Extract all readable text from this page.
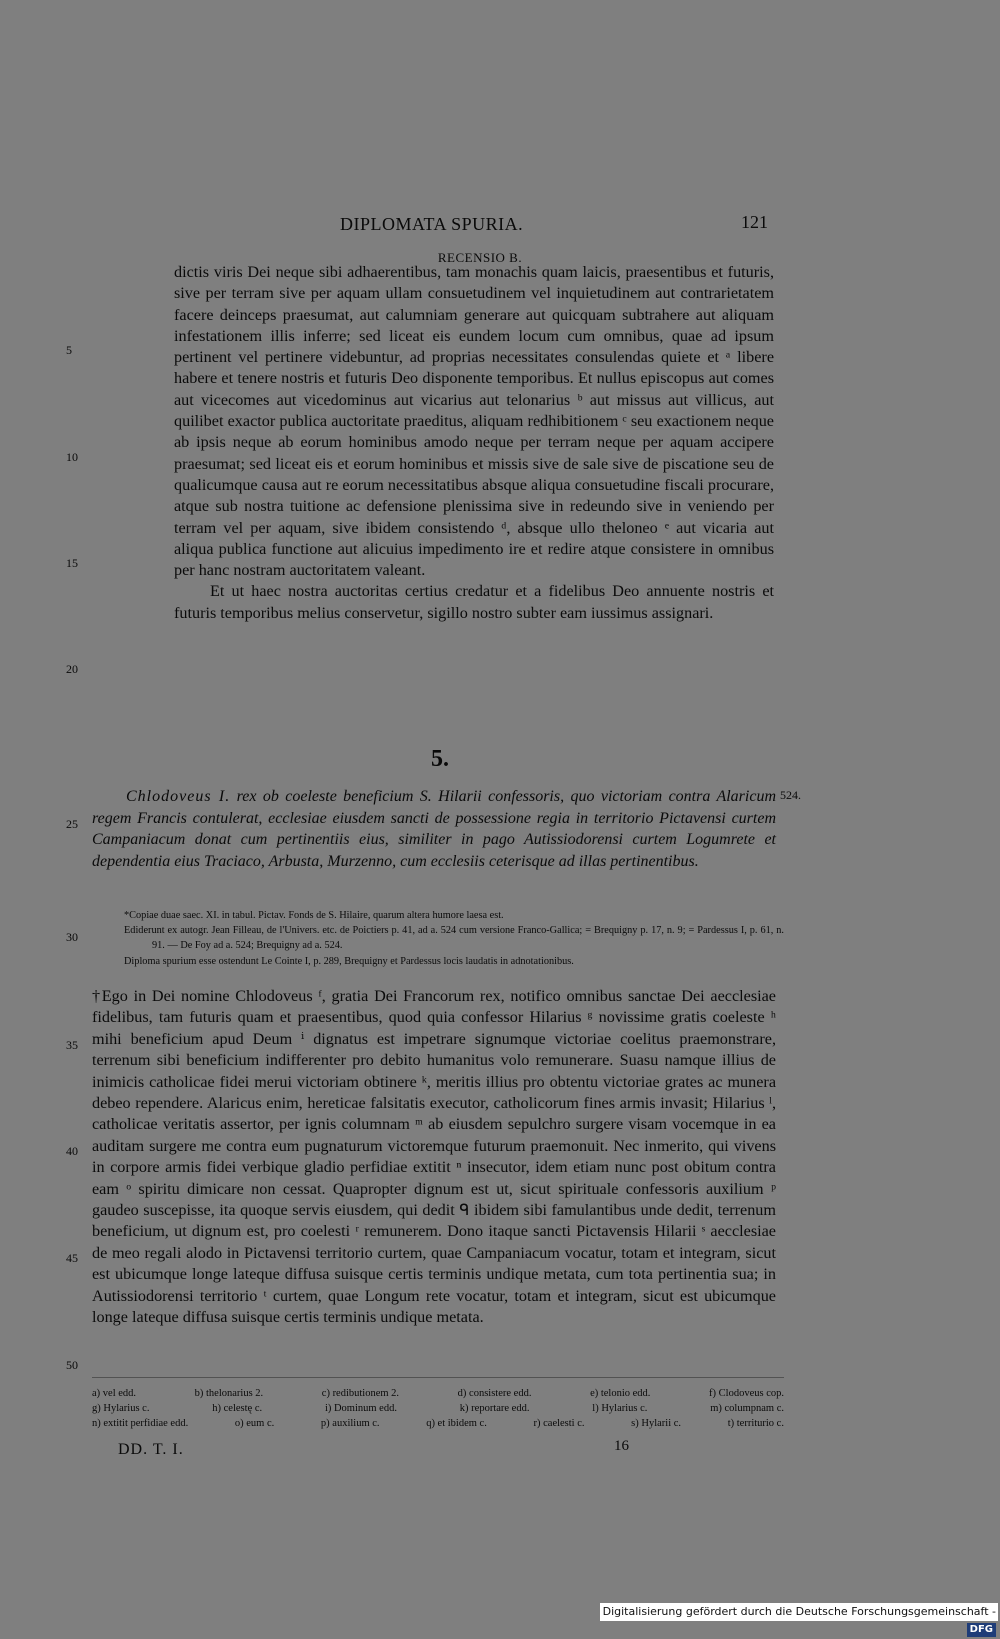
DIPLOMATA SPURIA.	121
RECENSIO B.

dictis viris Dei neque sibi adhaerentibus, tam monachis quam laicis, praesentibus et futuris, sive per terram sive per aquam ullam consuetudinem vel inquietudinem aut contrarietatem facere deinceps praesumat, aut calumniam generare aut quicquam subtrahere aut aliquam infestationem illis inferre; sed liceat eis eundem locum cum omnibus, quae ad ipsum pertinent vel pertinere videbuntur, ad proprias necessitates consulendas quiete et ᵃ libere habere et tenere nostris et futuris Deo disponente temporibus. Et nullus episcopus aut comes aut vicecomes aut vicedominus aut vicarius aut telonarius ᵇ aut missus aut villicus, aut quilibet exactor publica auctoritate praeditus, aliquam redhibitionem ᶜ seu exactionem neque ab ipsis neque ab eorum hominibus amodo neque per terram neque per aquam accipere praesumat; sed liceat eis et eorum hominibus et missis sive de sale sive de piscatione seu de qualicumque causa aut re eorum necessitatibus absque aliqua consuetudine fiscali procurare, atque sub nostra tuitione ac defensione plenissima sive in redeundo sive in veniendo per terram vel per aquam, sive ibidem consistendo ᵈ, absque ullo theloneo ᵉ aut vicaria aut aliqua publica functione aut alicuius impedimento ire et redire atque consistere in omnibus per hanc nostram auctoritatem valeant.

Et ut haec nostra auctoritas certius credatur et a fidelibus Deo annuente nostris et futuris temporibus melius conservetur, sigillo nostro subter eam iussimus assignari.

5
10
15
20
5.
Chlodoveus I. rex ob coeleste beneficium S. Hilarii confessoris, quo victoriam contra Alaricum regem Francis contulerat, ecclesiae eiusdem sancti de possessione regia in territorio Pictavensi curtem Campaniacum donat cum pertinentiis eius, similiter in pago Autissiodorensi curtem Logumrete et dependentia eius Traciaco, Arbusta, Murzenno, cum ecclesiis ceterisque ad illas pertinentibus.
524.

*Copiae duae saec. XI. in tabul. Pictav. Fonds de S. Hilaire, quarum altera humore laesa est.

Ediderunt ex autogr. Jean Filleau, de l'Univers. etc. de Poictiers p. 41, ad a. 524 cum versione Franco-Gallica; = Brequigny p. 17, n. 9; = Pardessus I, p. 61, n. 91. — De Foy ad a. 524; Brequigny ad a. 524.

Diploma spurium esse ostendunt Le Cointe I, p. 289, Brequigny et Pardessus locis laudatis in adnotationibus.

†Ego in Dei nomine Chlodoveus ᶠ, gratia Dei Francorum rex, notifico omnibus sanctae Dei aecclesiae fidelibus, tam futuris quam et praesentibus, quod quia confessor Hilarius ᵍ novissime gratis coeleste ʰ mihi beneficium apud Deum ⁱ dignatus est impetrare signumque victoriae coelitus praemonstrare, terrenum sibi beneficium indifferenter pro debito humanitus volo remunerare. Suasu namque illius de inimicis catholicae fidei merui victoriam obtinere ᵏ, meritis illius pro obtentu victoriae grates ac munera debeo rependere. Alaricus enim, hereticae falsitatis executor, catholicorum fines armis invasit; Hilarius ˡ, catholicae veritatis assertor, per ignis columnam ᵐ ab eiusdem sepulchro surgere visam vocemque in ea auditam surgere me contra eum pugnaturum victoremque futurum praemonuit. Nec inmerito, qui vivens in corpore armis fidei verbique gladio perfidiae extitit ⁿ insecutor, idem etiam nunc post obitum contra eam ᵒ spiritu dimicare non cessat. Quapropter dignum est ut, sicut spirituale confessoris auxilium ᵖ gaudeo suscepisse, ita quoque servis eiusdem, qui dedit ᑫ ibidem sibi famulantibus unde dedit, terrenum beneficium, ut dignum est, pro coelesti ʳ remunerem. Dono itaque sancti Pictavensis Hilarii ˢ aecclesiae de meo regali alodo in Pictavensi territorio curtem, quae Campaniacum vocatur, totam et integram, sicut est ubicumque longe lateque diffusa suisque certis terminis undique metata, cum tota pertinentia sua; in Autissiodorensi territorio ᵗ curtem, quae Longum rete vocatur, totam et integram, sicut est ubicumque longe lateque diffusa suisque certis terminis undique metata.

25
30
35
40
45
50
a) vel edd.	b) thelonarius 2.	c) redibutionem 2.	d) consistere edd.	e) telonio edd.	f) Clodoveus cop.
g) Hylarius c.	h) celestę c.	i) Dominum edd.	k) reportare edd.	l) Hylarius c.	m) columpnam c.
n) extitit perfidiae edd.	o) eum c.	p) auxilium c.	q) et ibidem c.	r) caelesti c.	s) Hylarii c.	t) territurio c.
DD. T. I.	16
Digitalisierung gefördert durch die Deutsche Forschungsgemeinschaft -DFG
